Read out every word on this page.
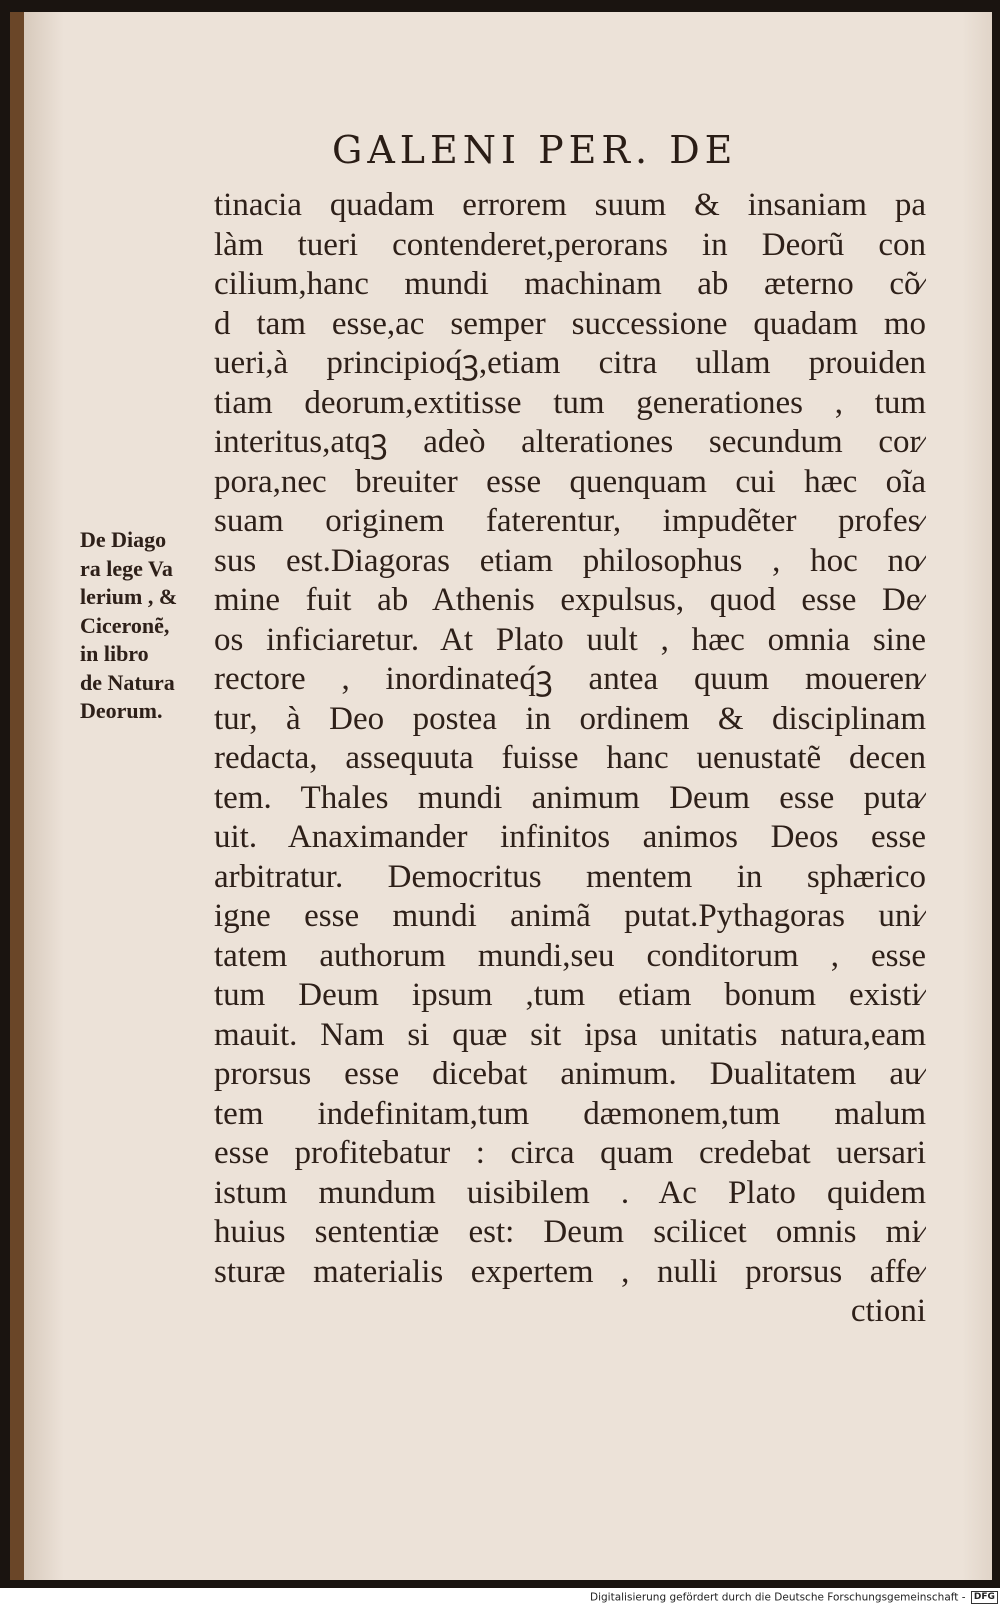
GALENI PER. DE
tinacia quadam errorem suum & insaniam pa
làm tueri contenderet,perorans in Deorũ con
cilium,hanc mundi machinam ab æterno cõ⁄
d tam esse,ac semper successione quadam mo
ueri,à principioq́ꝫ,etiam citra ullam prouiden
tiam deorum,extitisse tum generationes , tum
interitus,atqꝫ adeò alterationes secundum cor⁄
pora,nec breuiter esse quenquam cui hæc oĩa
suam originem faterentur, impudẽter profes⁄
sus est.Diagoras etiam philosophus , hoc no⁄
mine fuit ab Athenis expulsus, quod esse De⁄
os inficiaretur. At Plato uult , hæc omnia sine
rectore , inordinateq́ꝫ antea quum moueren⁄
tur, à Deo postea in ordinem & disciplinam
redacta, assequuta fuisse hanc uenustatẽ decen
tem. Thales mundi animum Deum esse puta⁄
uit. Anaximander infinitos animos Deos esse
arbitratur. Democritus mentem in sphærico
igne esse mundi animã putat.Pythagoras uni⁄
tatem authorum mundi,seu conditorum , esse
tum Deum ipsum ,tum etiam bonum existi⁄
mauit. Nam si quæ sit ipsa unitatis natura,eam
prorsus esse dicebat animum. Dualitatem au⁄
tem indefinitam,tum dæmonem,tum malum
esse profitebatur : circa quam credebat uersari
istum mundum uisibilem . Ac Plato quidem
huius sententiæ est: Deum scilicet omnis mi⁄
sturæ materialis expertem , nulli prorsus affe⁄
ctioni
De Diago
ra lege Va
lerium , &
Ciceronẽ,
in libro
de Natura
Deorum.
Digitalisierung gefördert durch die Deutsche Forschungsgemeinschaft - DFG
